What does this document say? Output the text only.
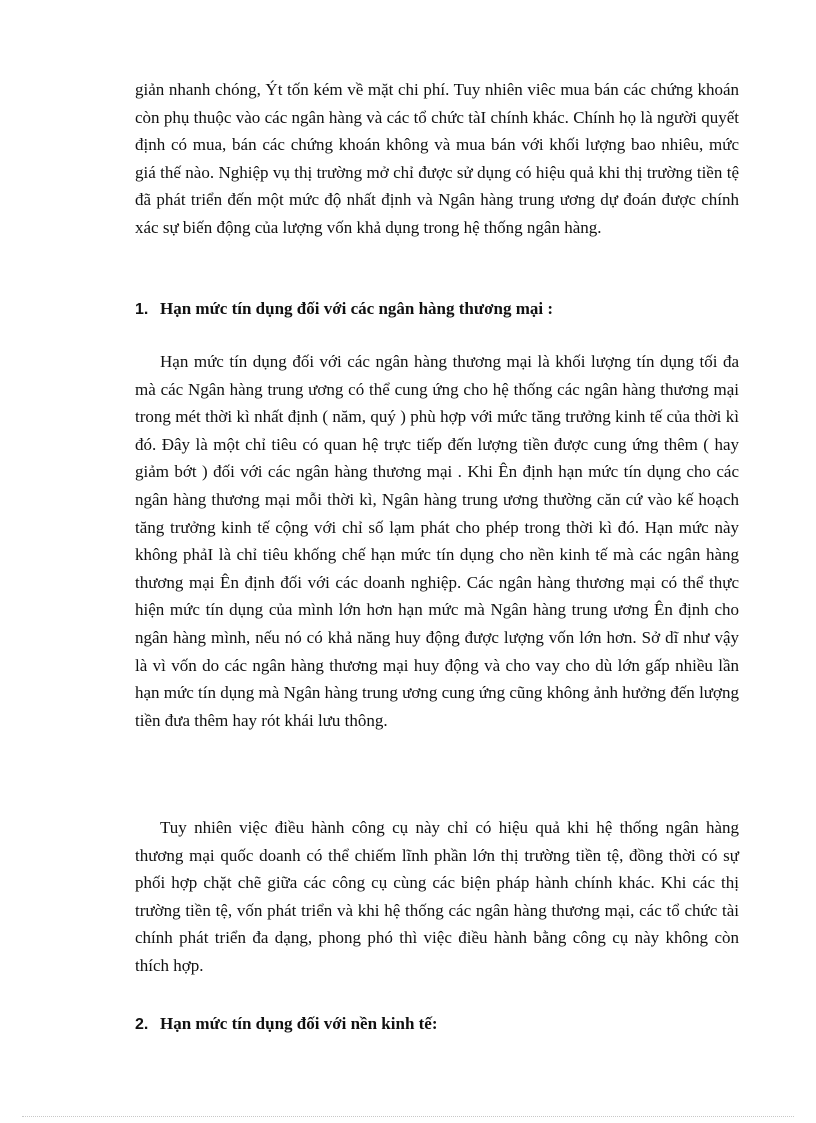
giản nhanh chóng, Ýt tốn kém về mặt chi phí. Tuy nhiên viêc mua bán các chứng khoán còn phụ thuộc vào các ngân hàng và các tổ chức tàI chính khác. Chính họ là người quyết định có mua, bán các chứng khoán không và mua bán với khối lượng bao nhiêu, mức giá thế nào. Nghiệp vụ thị trường mở chỉ được sử dụng có hiệu quả khi thị trường tiền tệ đã phát triển đến một mức độ nhất định và Ngân hàng trung ương dự đoán được chính xác sự biến động của lượng vốn khả dụng trong hệ thống ngân hàng.

1. Hạn mức tín dụng đối với các ngân hàng thương mại :

Hạn mức tín dụng đối với các ngân hàng thương mại là khối lượng tín dụng tối đa mà các Ngân hàng trung ương có thể cung ứng cho hệ thống các ngân hàng thương mại trong mét thời kì nhất định ( năm, quý ) phù hợp với mức tăng trưởng kinh tế của thời kì đó. Đây là một chỉ tiêu có quan hệ trực tiếp đến lượng tiền được cung ứng thêm ( hay giảm bớt ) đối với các ngân hàng thương mại . Khi Ên định hạn mức tín dụng cho các ngân hàng thương mại mỗi thời kì, Ngân hàng trung ương thường căn cứ vào kế hoạch tăng trưởng kinh tế cộng với chỉ số lạm phát cho phép trong thời kì đó. Hạn mức này không phảI là chỉ tiêu khống chế hạn mức tín dụng cho nền kinh tế mà các ngân hàng thương mại Ên định đối với các doanh nghiệp. Các ngân hàng thương mại có thể thực hiện mức tín dụng của mình lớn hơn hạn mức mà Ngân hàng trung ương Ên định cho ngân hàng mình, nếu nó có khả năng huy động được lượng vốn lớn hơn. Sở dĩ như vậy là vì vốn do các ngân hàng thương mại huy động và cho vay cho dù lớn gấp nhiều lần hạn mức tín dụng mà Ngân hàng trung ương cung ứng cũng không ảnh hưởng đến lượng tiền đưa thêm hay rót khái lưu thông.

Tuy nhiên việc điều hành công cụ này chỉ có hiệu quả khi hệ thống ngân hàng thương mại quốc doanh có thể chiếm lĩnh phần lớn thị trường tiền tệ, đồng thời có sự phối hợp chặt chẽ giữa các công cụ cùng các biện pháp hành chính khác. Khi các thị trường tiền tệ, vốn phát triển và khi hệ thống các ngân hàng thương mại, các tổ chức tài chính phát triển đa dạng, phong phó thì việc điều hành bằng công cụ này không còn thích hợp.

2. Hạn mức tín dụng đối với nền kinh tế:
